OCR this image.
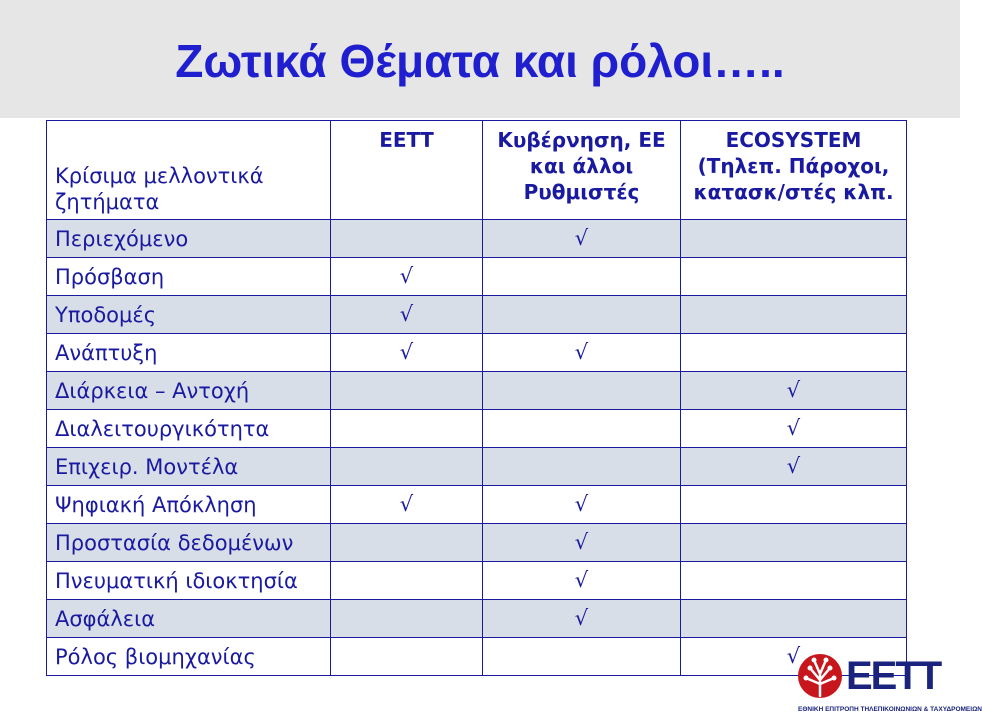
Ζωτικά Θέματα και ρόλοι…..
Κρίσιμα μελλοντικά ζητήματα	ΕΕΤΤ	Κυβέρνηση, ΕΕ και άλλοι Ρυθμιστές	ECOSYSTEM (Τηλεπ. Πάροχοι, κατασκ/στές κλπ.

Περιεχόμενο		√	
Πρόσβαση	√		
Υποδομές	√		
Ανάπτυξη	√	√	
Διάρκεια – Αντοχή			√
Διαλειτουργικότητα			√
Επιχειρ. Μοντέλα			√
Ψηφιακή Απόκληση	√	√	
Προστασία δεδομένων		√	
Πνευματική ιδιοκτησία		√	
Ασφάλεια		√	
Ρόλος βιομηχανίας			√ EETT
ΕΘΝΙΚΗ ΕΠΙΤΡΟΠΗ ΤΗΛΕΠΙΚΟΙΝΩΝΙΩΝ & ΤΑΧΥΔΡΟΜΕΙΩΝ
